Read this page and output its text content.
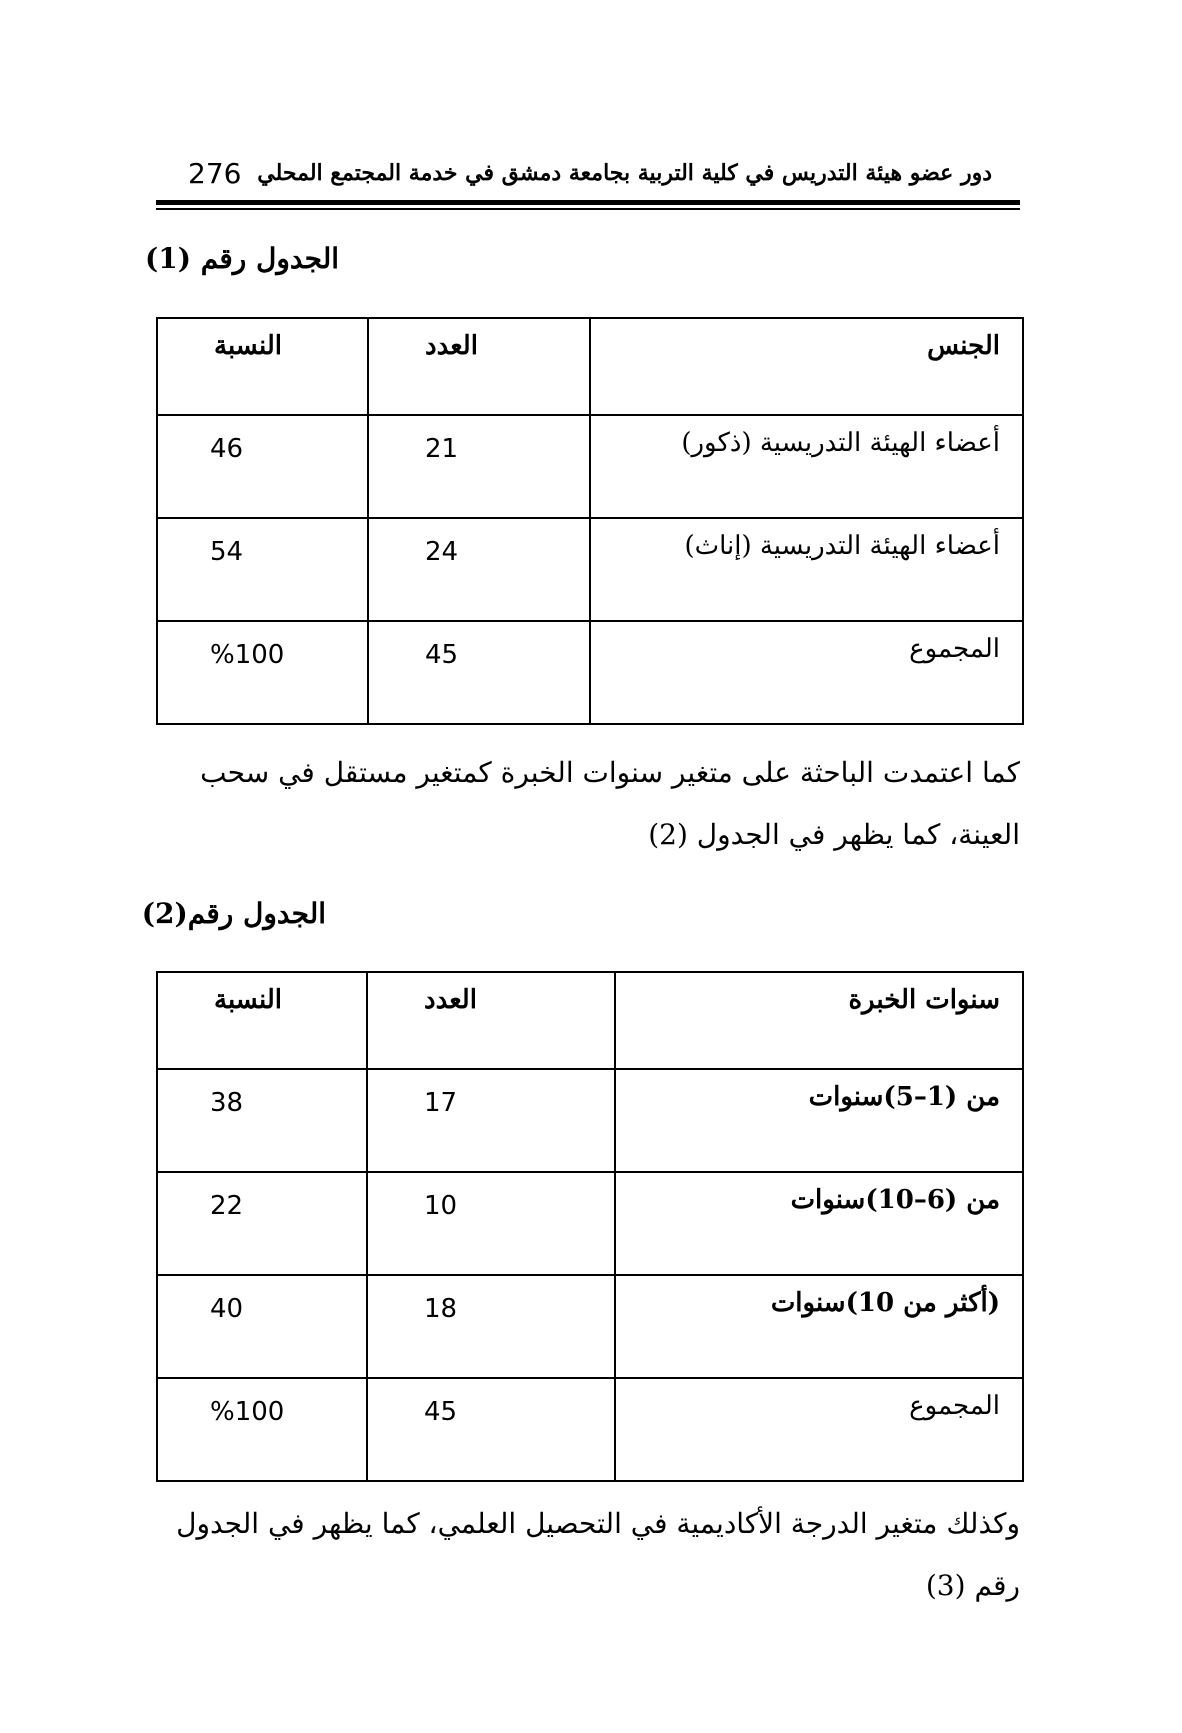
دور عضو هيئة التدريس في كلية التربية بجامعة دمشق في خدمة المجتمع المحلي
276
الجدول رقم (1)
الجنس	العدد	النسبة
أعضاء الهيئة التدريسية (ذكور)	21	46
أعضاء الهيئة التدريسية (إناث)	24	54
المجموع	45	%100
كما اعتمدت الباحثة على متغير سنوات الخبرة كمتغير مستقل في سحب
العينة، كما يظهر في الجدول (2)
الجدول رقم(2)
سنوات الخبرة	العدد	النسبة
من (1–5)سنوات	17	38
من (6–10)سنوات	10	22
(أكثر من 10)سنوات	18	40
المجموع	45	%100
وكذلك متغير الدرجة الأكاديمية في التحصيل العلمي، كما يظهر في الجدول
رقم (3)
